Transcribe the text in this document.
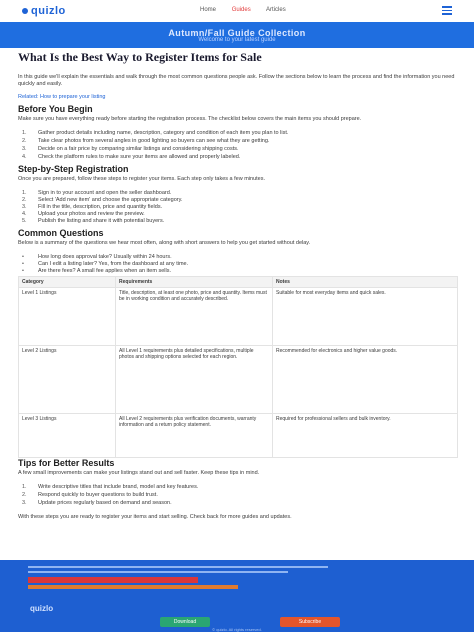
quizlo	Home	Guides	Articles
Autumn/Fall Guide Collection
Welcome to your latest guide
What Is the Best Way to Register Items for Sale
In this guide we'll explain the essentials and walk through the most common questions people ask. Follow the sections below to learn the process and find the information you need quickly and easily.
Related: How to prepare your listing
Before You Begin
Make sure you have everything ready before starting the registration process. The checklist below covers the main items you should prepare.
1. Gather product details including name, description, category and condition of each item you plan to list.
2. Take clear photos from several angles in good lighting so buyers can see what they are getting.
3. Decide on a fair price by comparing similar listings and considering shipping costs.
4. Check the platform rules to make sure your items are allowed and properly labeled.
Step-by-Step Registration
Once you are prepared, follow these steps to register your items. Each step only takes a few minutes.
1. Sign in to your account and open the seller dashboard.
2. Select 'Add new item' and choose the appropriate category.
3. Fill in the title, description, price and quantity fields.
4. Upload your photos and review the preview.
5. Publish the listing and share it with potential buyers.
Common Questions
Below is a summary of the questions we hear most often, along with short answers to help you get started without delay.
•	How long does approval take? Usually within 24 hours.
•	Can I edit a listing later? Yes, from the dashboard at any time.
•	Are there fees? A small fee applies when an item sells.
Category	Requirements	Notes
Level 1 Listings	Title, description, at least one photo, price and quantity. Items must be in working condition and accurately described.	Suitable for most everyday items and quick sales.
Level 2 Listings	All Level 1 requirements plus detailed specifications, multiple photos and shipping options selected for each region.	Recommended for electronics and higher value goods.
Level 3 Listings	All Level 2 requirements plus verification documents, warranty information and a return policy statement.	Required for professional sellers and bulk inventory.
Tips for Better Results
A few small improvements can make your listings stand out and sell faster. Keep these tips in mind.
1. Write descriptive titles that include brand, model and key features.
2. Respond quickly to buyer questions to build trust.
3. Update prices regularly based on demand and season.
With these steps you are ready to register your items and start selling. Check back for more guides and updates.

quizlo
Download	Subscribe
© quizlo. All rights reserved.
